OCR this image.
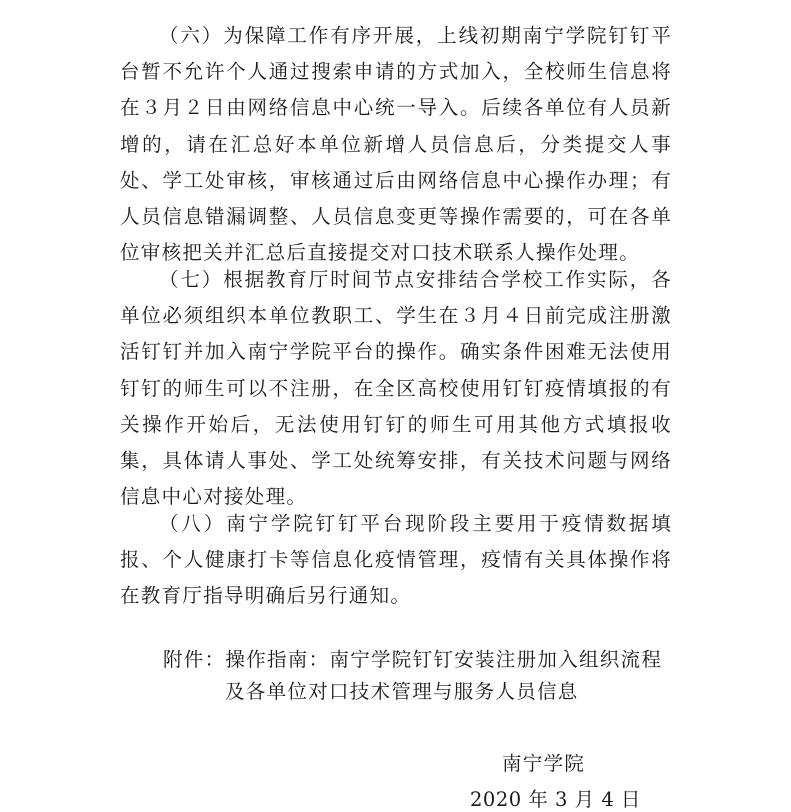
（六）为保障工作有序开展，上线初期南宁学院钉钉平台暂不允许个人通过搜索申请的方式加入，全校师生信息将在３月２日由网络信息中心统一导入。后续各单位有人员新增的，请在汇总好本单位新增人员信息后，分类提交人事处、学工处审核，审核通过后由网络信息中心操作办理；有人员信息错漏调整、人员信息变更等操作需要的，可在各单位审核把关并汇总后直接提交对口技术联系人操作处理。

（七）根据教育厅时间节点安排结合学校工作实际，各单位必须组织本单位教职工、学生在３月４日前完成注册激活钉钉并加入南宁学院平台的操作。确实条件困难无法使用钉钉的师生可以不注册，在全区高校使用钉钉疫情填报的有关操作开始后，无法使用钉钉的师生可用其他方式填报收集，具体请人事处、学工处统筹安排，有关技术问题与网络信息中心对接处理。

（八）南宁学院钉钉平台现阶段主要用于疫情数据填报、个人健康打卡等信息化疫情管理，疫情有关具体操作将在教育厅指导明确后另行通知。

附件：操作指南：南宁学院钉钉安装注册加入组织流程
及各单位对口技术管理与服务人员信息
南宁学院
2020 年 3 月 4 日
